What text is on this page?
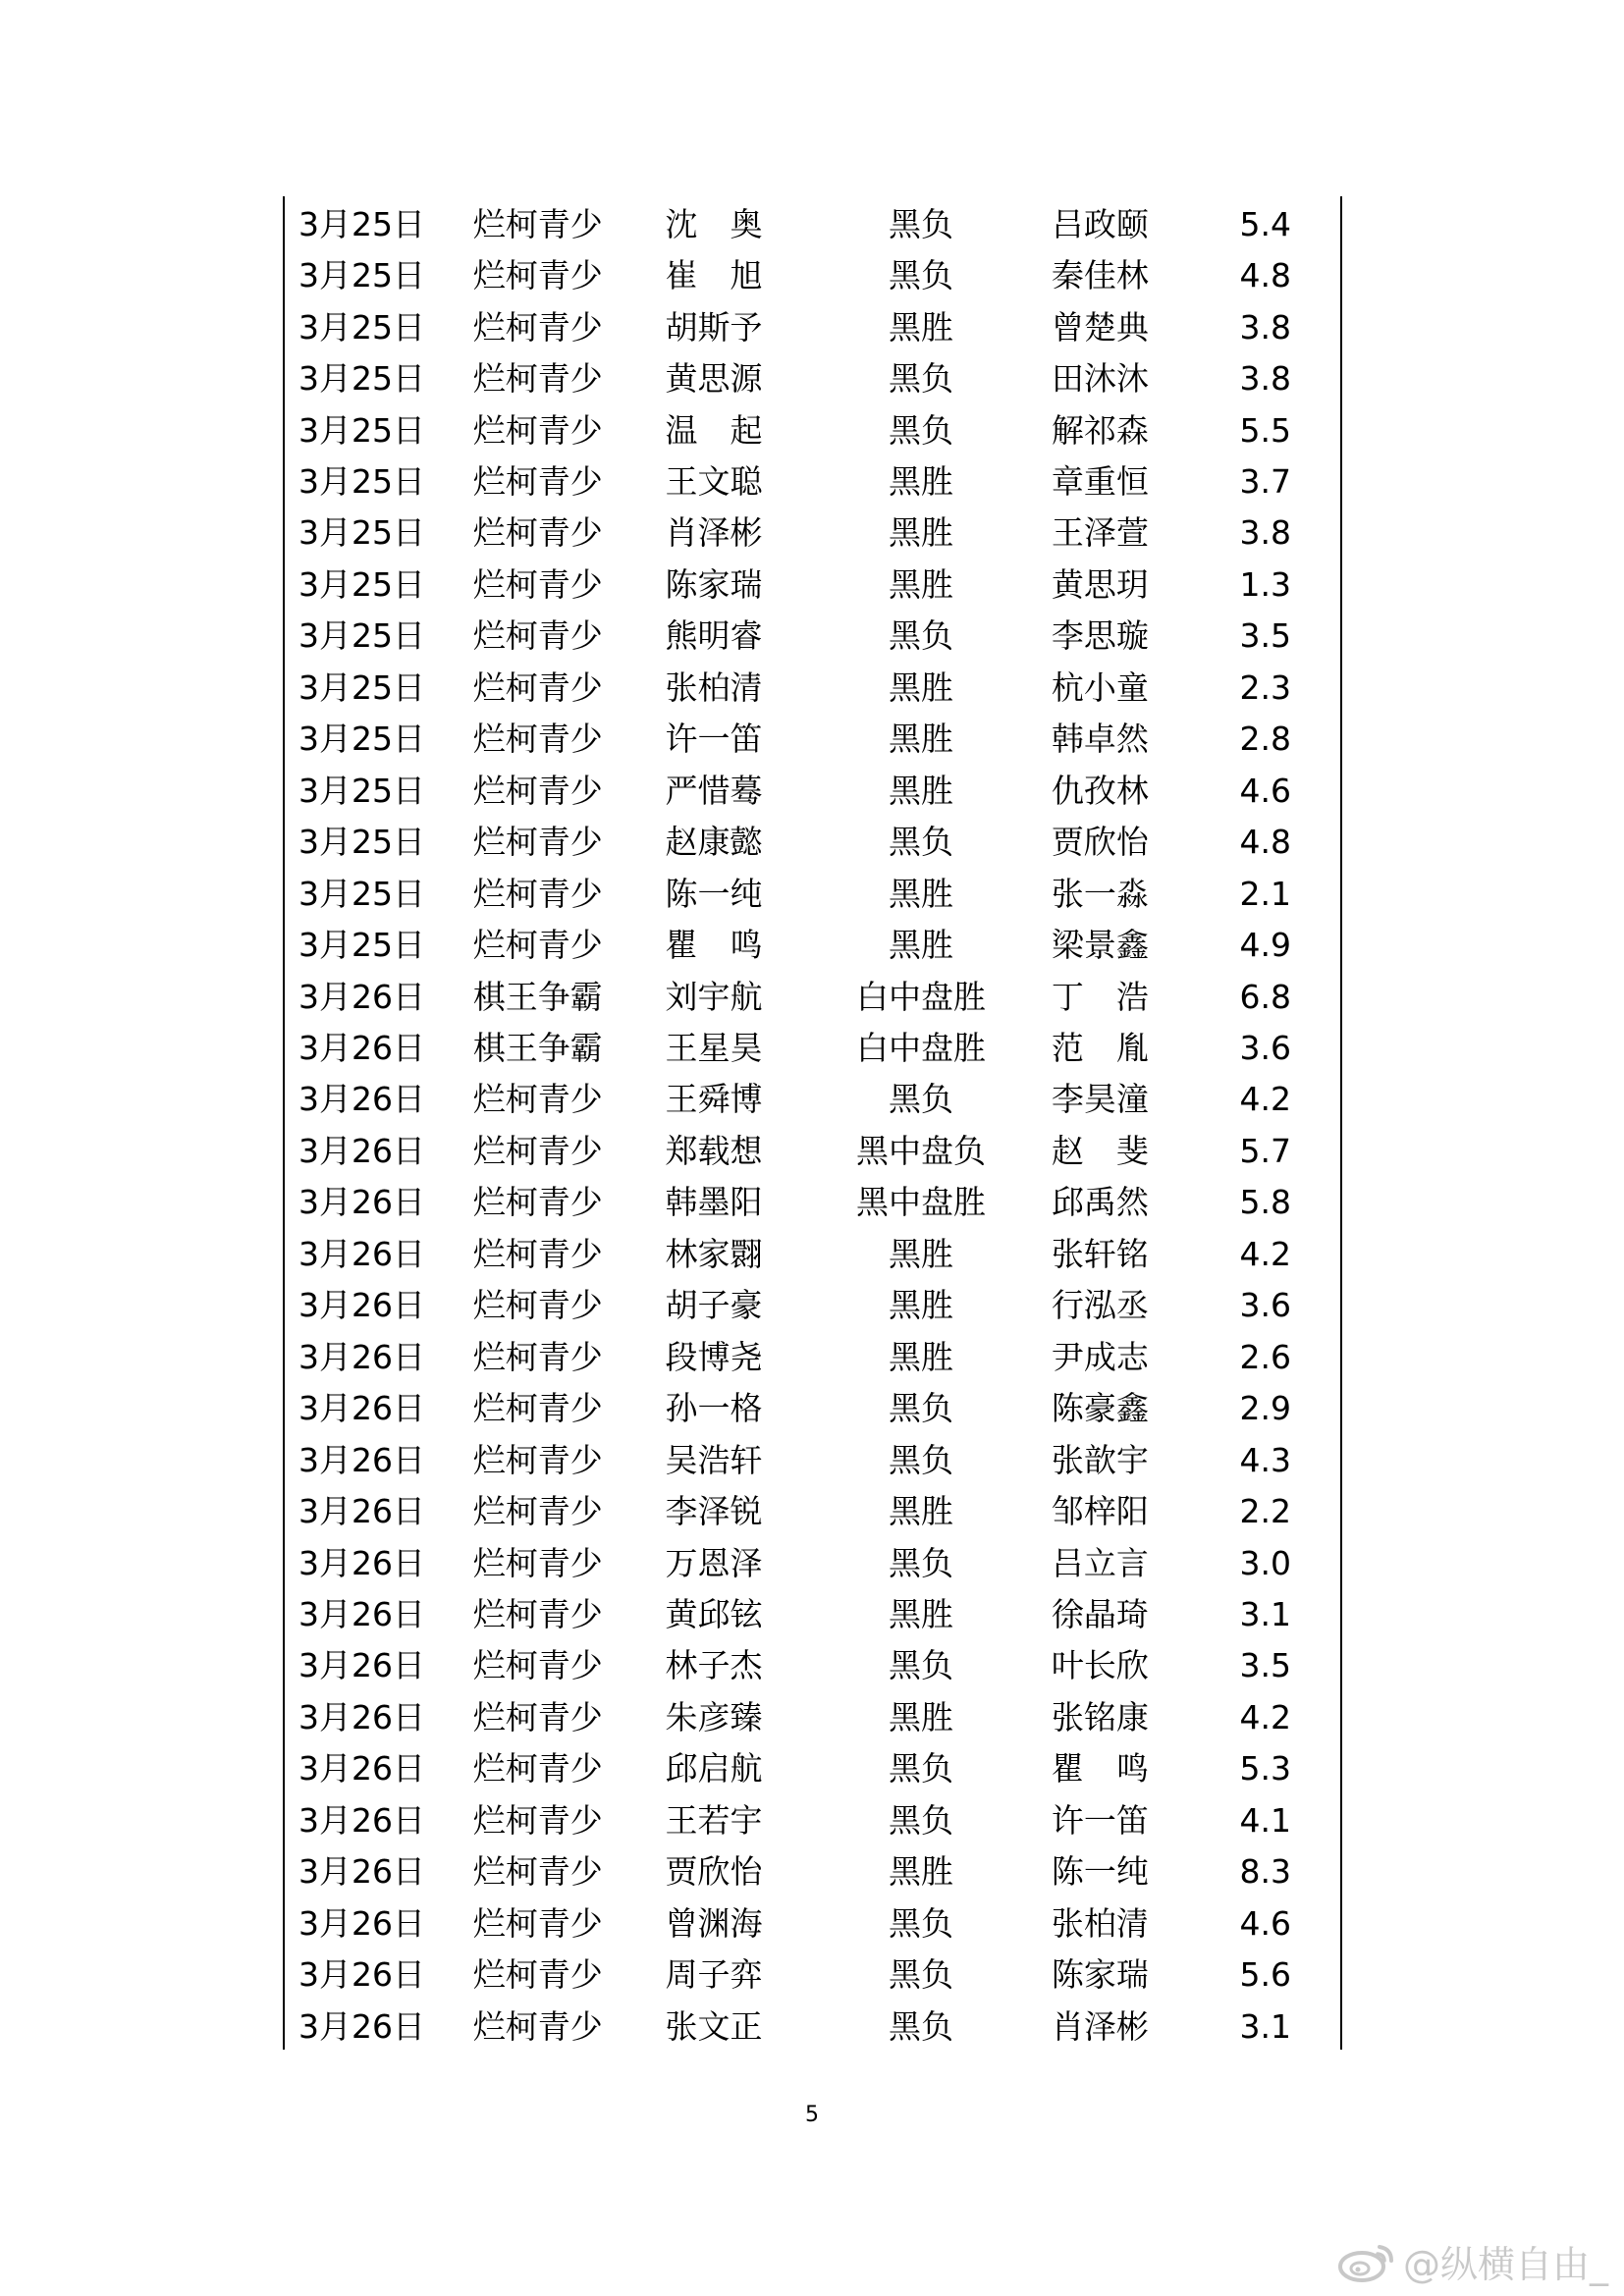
3月25日	烂柯青少	沈　奥	黑负	吕政颐	5.4
3月25日	烂柯青少	崔　旭	黑负	秦佳林	4.8
3月25日	烂柯青少	胡斯予	黑胜	曾楚典	3.8
3月25日	烂柯青少	黄思源	黑负	田沐沐	3.8
3月25日	烂柯青少	温　起	黑负	解祁森	5.5
3月25日	烂柯青少	王文聪	黑胜	章重恒	3.7
3月25日	烂柯青少	肖泽彬	黑胜	王泽萱	3.8
3月25日	烂柯青少	陈家瑞	黑胜	黄思玥	1.3
3月25日	烂柯青少	熊明睿	黑负	李思璇	3.5
3月25日	烂柯青少	张柏清	黑胜	杭小童	2.3
3月25日	烂柯青少	许一笛	黑胜	韩卓然	2.8
3月25日	烂柯青少	严惜蓦	黑胜	仇孜林	4.6
3月25日	烂柯青少	赵康懿	黑负	贾欣怡	4.8
3月25日	烂柯青少	陈一纯	黑胜	张一淼	2.1
3月25日	烂柯青少	瞿　鸣	黑胜	梁景鑫	4.9
3月26日	棋王争霸	刘宇航	白中盘胜	丁　浩	6.8
3月26日	棋王争霸	王星昊	白中盘胜	范　胤	3.6
3月26日	烂柯青少	王舜博	黑负	李昊潼	4.2
3月26日	烂柯青少	郑载想	黑中盘负	赵　斐	5.7
3月26日	烂柯青少	韩墨阳	黑中盘胜	邱禹然	5.8
3月26日	烂柯青少	林家翾	黑胜	张轩铭	4.2
3月26日	烂柯青少	胡子豪	黑胜	行泓丞	3.6
3月26日	烂柯青少	段博尧	黑胜	尹成志	2.6
3月26日	烂柯青少	孙一格	黑负	陈豪鑫	2.9
3月26日	烂柯青少	吴浩轩	黑负	张歆宇	4.3
3月26日	烂柯青少	李泽锐	黑胜	邹梓阳	2.2
3月26日	烂柯青少	万恩泽	黑负	吕立言	3.0
3月26日	烂柯青少	黄邱铉	黑胜	徐晶琦	3.1
3月26日	烂柯青少	林子杰	黑负	叶长欣	3.5
3月26日	烂柯青少	朱彦臻	黑胜	张铭康	4.2
3月26日	烂柯青少	邱启航	黑负	瞿　鸣	5.3
3月26日	烂柯青少	王若宇	黑负	许一笛	4.1
3月26日	烂柯青少	贾欣怡	黑胜	陈一纯	8.3
3月26日	烂柯青少	曾渊海	黑负	张柏清	4.6
3月26日	烂柯青少	周子弈	黑负	陈家瑞	5.6
3月26日	烂柯青少	张文正	黑负	肖泽彬	3.1
5
@纵横自由_
